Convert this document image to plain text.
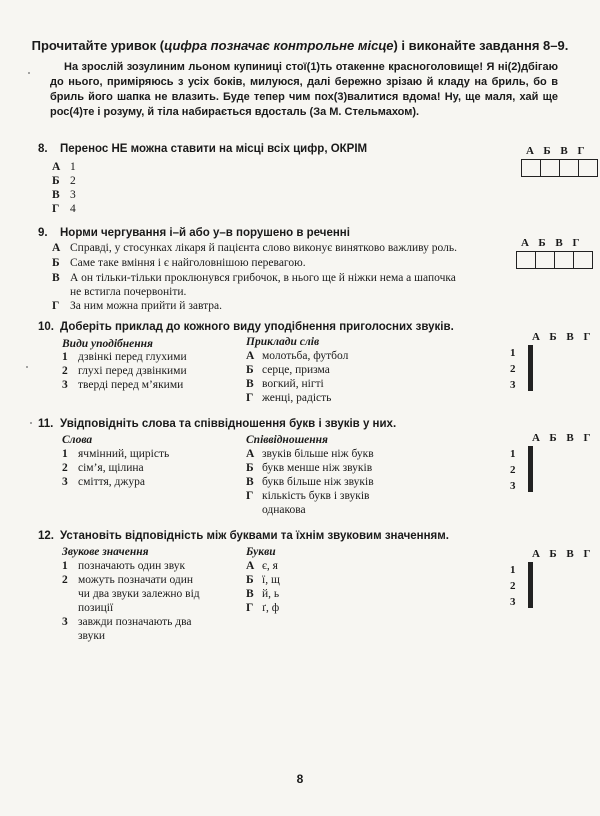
Прочитайте уривок (цифра позначає контрольне місце) і виконайте завдання 8–9.
На зрослій зозулиним льоном купиниці стої(1)ть отакенне красноголовище! Я ні(2)дбігаю до нього, приміряюсь з усіх боків, милуюся, далі бережно зрізаю й кладу на бриль, бо в бриль його шапка не влазить. Буде тепер чим пох(3)валитися вдома! Ну, ще маля, хай ще рос(4)те і розуму, й тіла набирається вдосталь (За М. Стельмахом).
8. Перенос НЕ можна ставити на місці всіх цифр, ОКРІМ
А 1
Б 2
В 3
Г 4
А Б В Г
9. Норми чергування і–й або у–в порушено в реченні
А Справді, у стосунках лікаря й пацієнта слово виконує винятково важливу роль.
Б Саме таке вміння і є найголовнішою перевагою.
В А он тільки-тільки проклюнувся грибочок, в нього ще й ніжки нема а шапочка
не встигла почервоніти.
Г За ним можна прийти й завтра.
А Б В Г
10. Доберіть приклад до кожного виду уподібнення приголосних звуків.
Види уподібнення	Приклади слів
1 дзвінкі перед глухими
2 глухі перед дзвінкими
3 тверді перед м’якими
А молотьба, футбол
Б серце, призма
В вогкий, нігті
Г женці, радість
А Б В Г
1
2
3

11. Увідповідніть слова та співвідношення букв і звуків у них.
Слова	Співвідношення
1 ячмінний, щирість
2 сім’я, щілина
3 сміття, джура
А звуків більше ніж букв
Б букв менше ніж звуків
В букв більше ніж звуків
Г кількість букв і звуків
однакова
А Б В Г
1
2
3

12. Установіть відповідність між буквами та їхнім звуковим значенням.
Звукове значення	Букви
1 позначають один звук
2 можуть позначати один
чи два звуки залежно від
позиції
3 завжди позначають два
звуки
А є, я
Б ї, щ
В й, ь
Г ґ, ф
А Б В Г
1
2
3

8
